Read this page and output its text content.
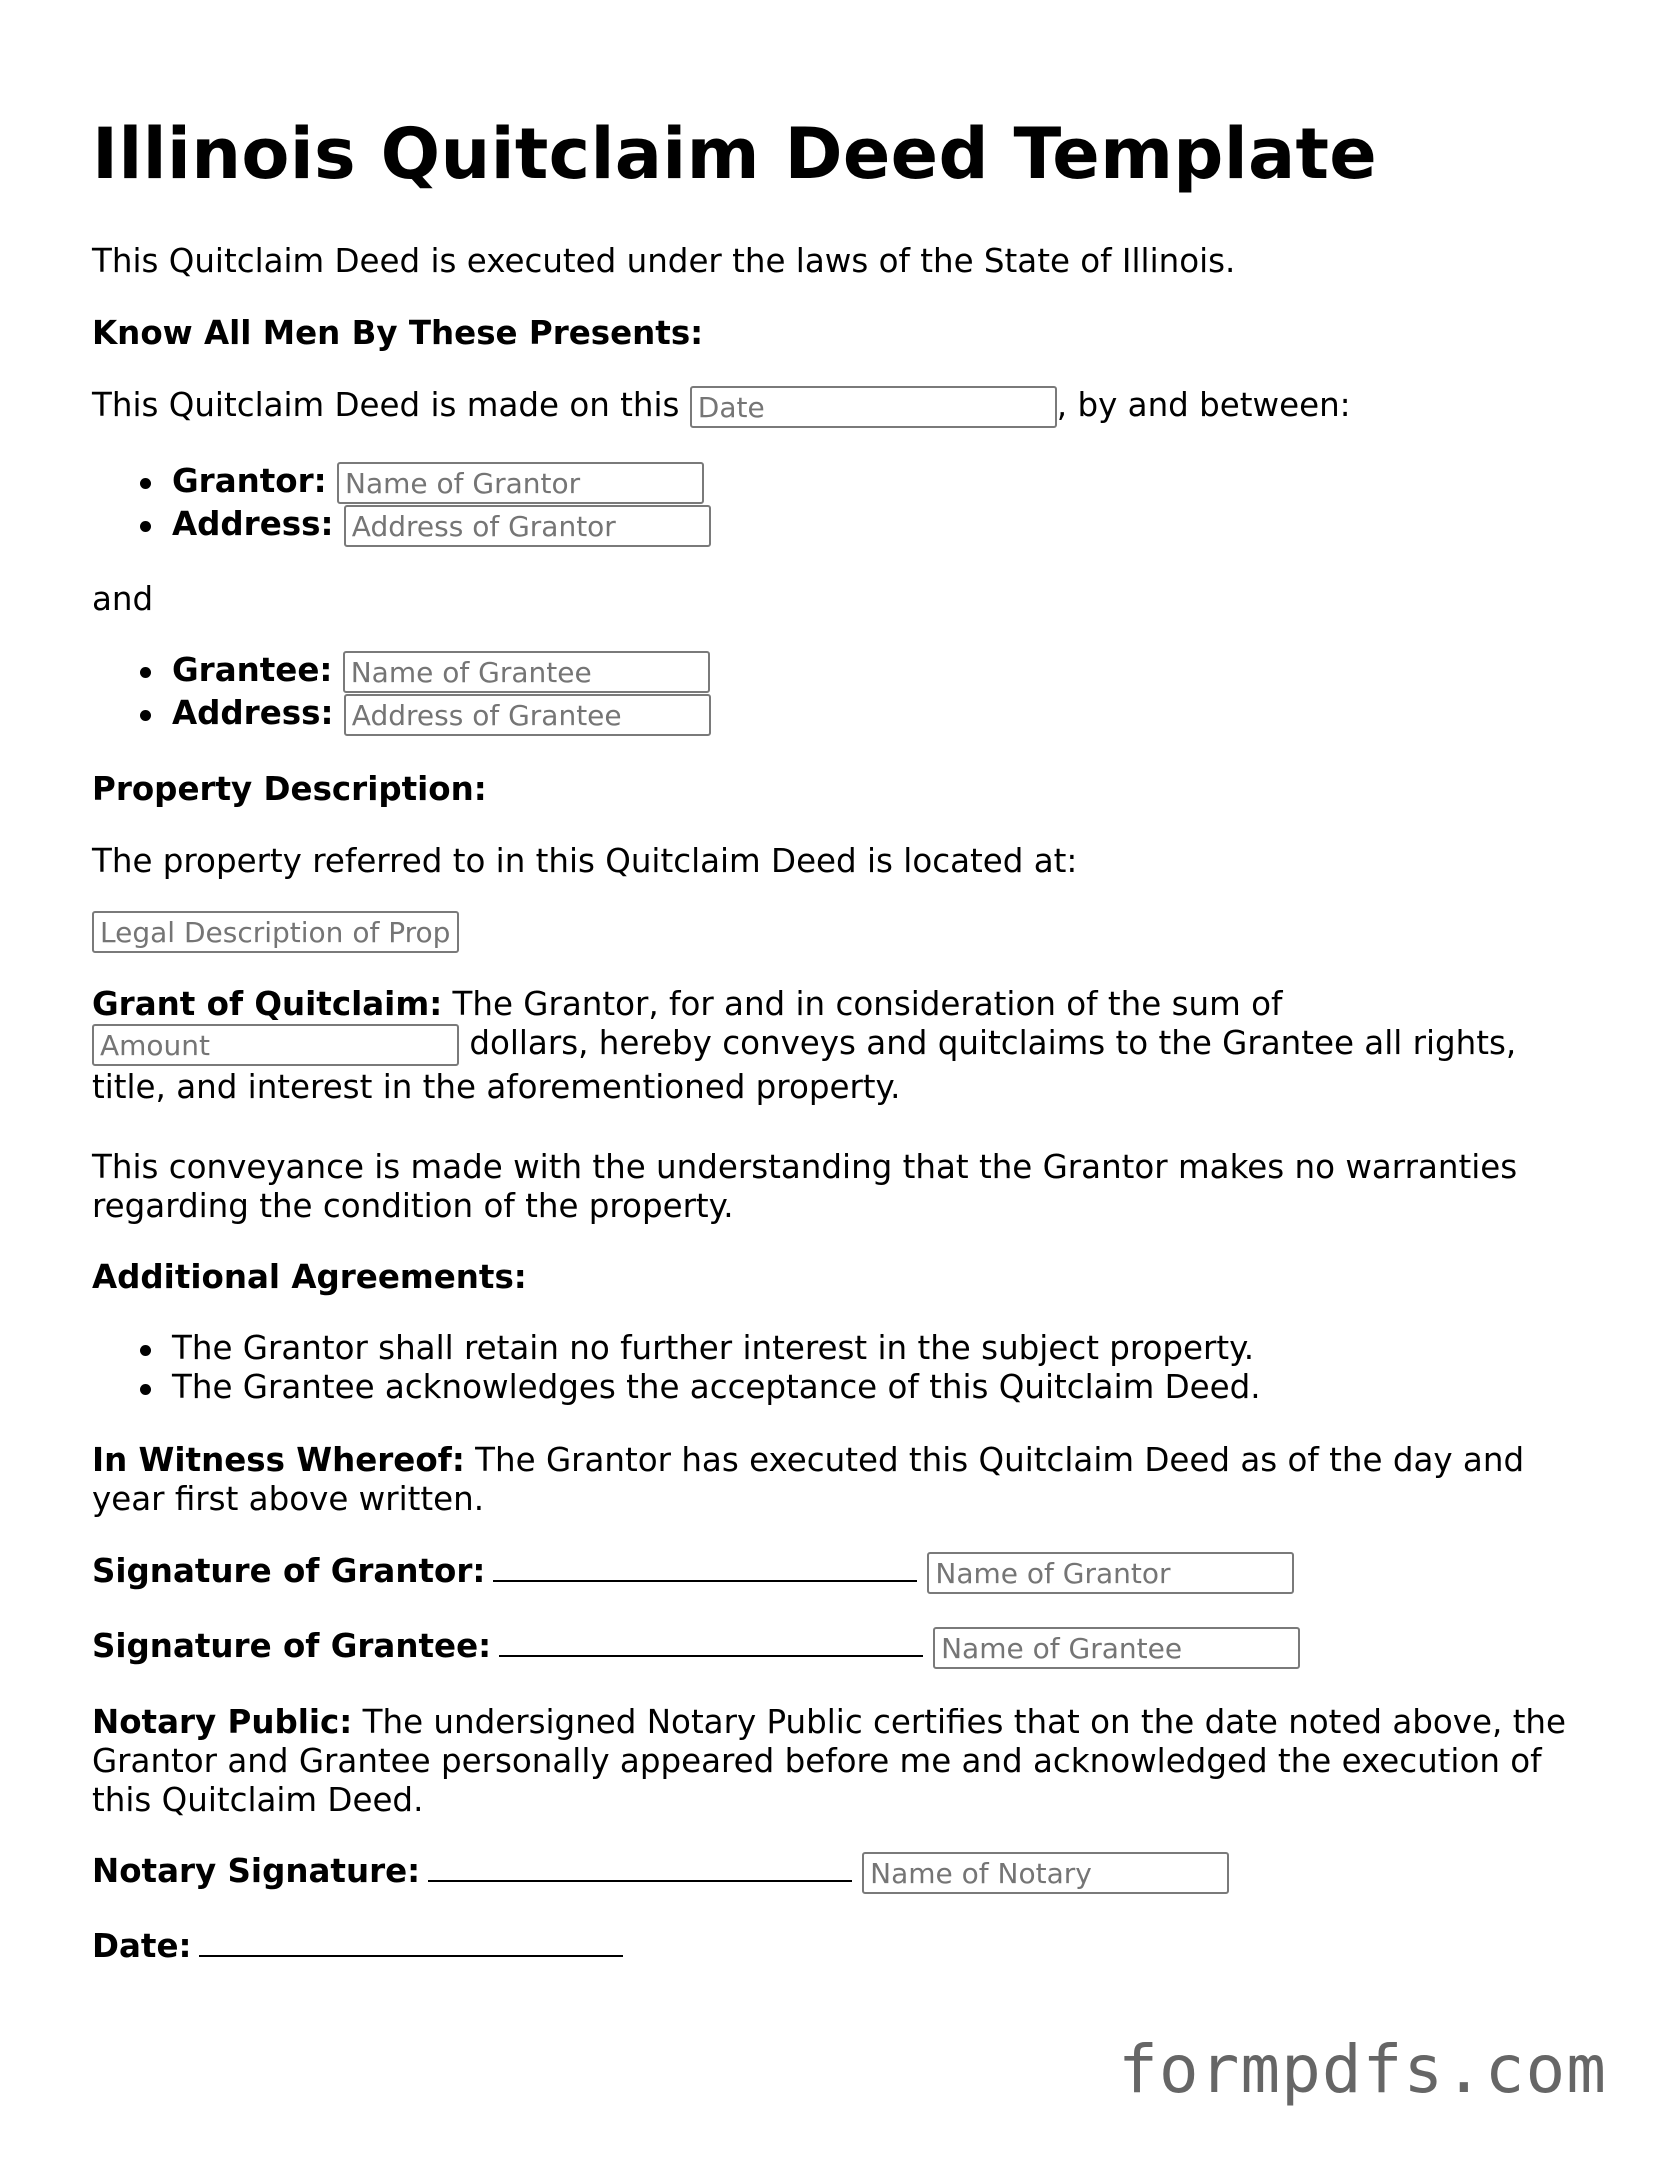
Illinois Quitclaim Deed Template

This Quitclaim Deed is executed under the laws of the State of Illinois.

Know All Men By These Presents:

This Quitclaim Deed is made on this Date	, by and between:
Grantor: Name of Grantor
Address: Address of Grantor

and

Grantee: Name of Grantee
Address: Address of Grantee

Property Description:

The property referred to in this Quitclaim Deed is located at:

Legal Description of Property
Grant of Quitclaim: The Grantor, for and in consideration of the sum of
Amount dollars, hereby conveys and quitclaims to the Grantee all rights,
title, and interest in the aforementioned property.
This conveyance is made with the understanding that the Grantor makes no warranties
regarding the condition of the property.

Additional Agreements:

The Grantor shall retain no further interest in the subject property.
The Grantee acknowledges the acceptance of this Quitclaim Deed.
In Witness Whereof: The Grantor has executed this Quitclaim Deed as of the day and
year first above written.
Signature of Grantor:Name of Grantor
Signature of Grantee:Name of Grantee
Notary Public: The undersigned Notary Public certifies that on the date noted above, the
Grantor and Grantee personally appeared before me and acknowledged the execution of
this Quitclaim Deed.
Notary Signature:Name of Notary
Date:
formpdfs.com
